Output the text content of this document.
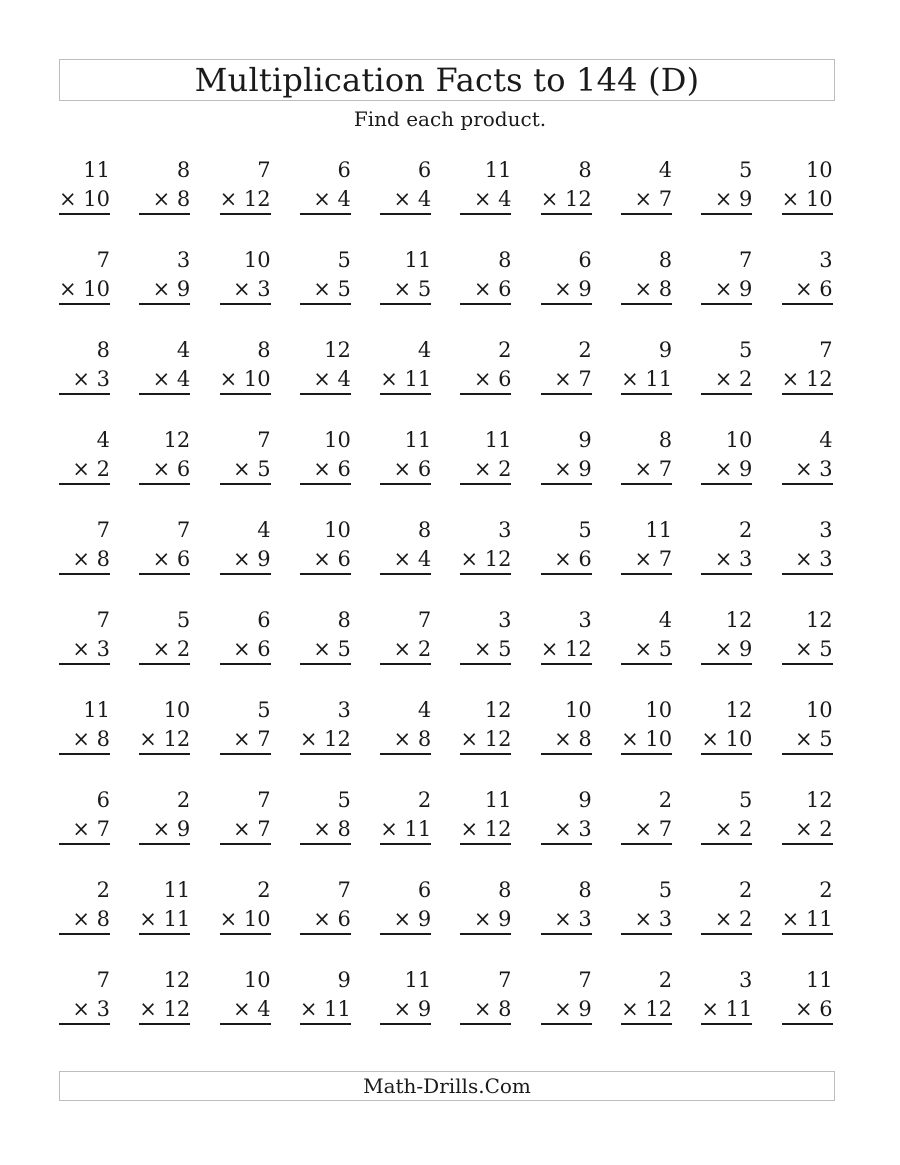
Multiplication Facts to 144 (D)
Find each product.
11
× 10
8
× 8
7
× 12
6
× 4
6
× 4
11
× 4
8
× 12
4
× 7
5
× 9
10
× 10
7
× 10
3
× 9
10
× 3
5
× 5
11
× 5
8
× 6
6
× 9
8
× 8
7
× 9
3
× 6
8
× 3
4
× 4
8
× 10
12
× 4
4
× 11
2
× 6
2
× 7
9
× 11
5
× 2
7
× 12
4
× 2
12
× 6
7
× 5
10
× 6
11
× 6
11
× 2
9
× 9
8
× 7
10
× 9
4
× 3
7
× 8
7
× 6
4
× 9
10
× 6
8
× 4
3
× 12
5
× 6
11
× 7
2
× 3
3
× 3
7
× 3
5
× 2
6
× 6
8
× 5
7
× 2
3
× 5
3
× 12
4
× 5
12
× 9
12
× 5
11
× 8
10
× 12
5
× 7
3
× 12
4
× 8
12
× 12
10
× 8
10
× 10
12
× 10
10
× 5
6
× 7
2
× 9
7
× 7
5
× 8
2
× 11
11
× 12
9
× 3
2
× 7
5
× 2
12
× 2
2
× 8
11
× 11
2
× 10
7
× 6
6
× 9
8
× 9
8
× 3
5
× 3
2
× 2
2
× 11
7
× 3
12
× 12
10
× 4
9
× 11
11
× 9
7
× 8
7
× 9
2
× 12
3
× 11
11
× 6
Math-Drills.Com
